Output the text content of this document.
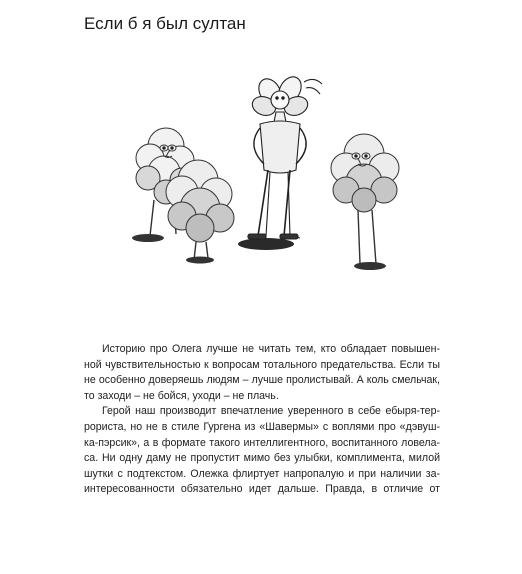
Если б я был султан
Историю про Олега лучше не читать тем, кто обладает повышен-
ной чувствительностью к вопросам тотального предательства. Если ты
не особенно доверяешь людям – лучше пролистывай. А коль смельчак,
то заходи – не бойся, уходи – не плачь.
Герой наш производит впечатление уверенного в себе ебыря-тер-
рориста, но не в стиле Гургена из «Шавермы» с воплями про «дэвуш-
ка-пэрсик», а в формате такого интеллигентного, воспитанного ловела-
са. Ни одну даму не пропустит мимо без улыбки, комплимента, милой
шутки с подтекстом. Олежка флиртует напропалую и при наличии за-
интересованности обязательно идет дальше. Правда, в отличие от
